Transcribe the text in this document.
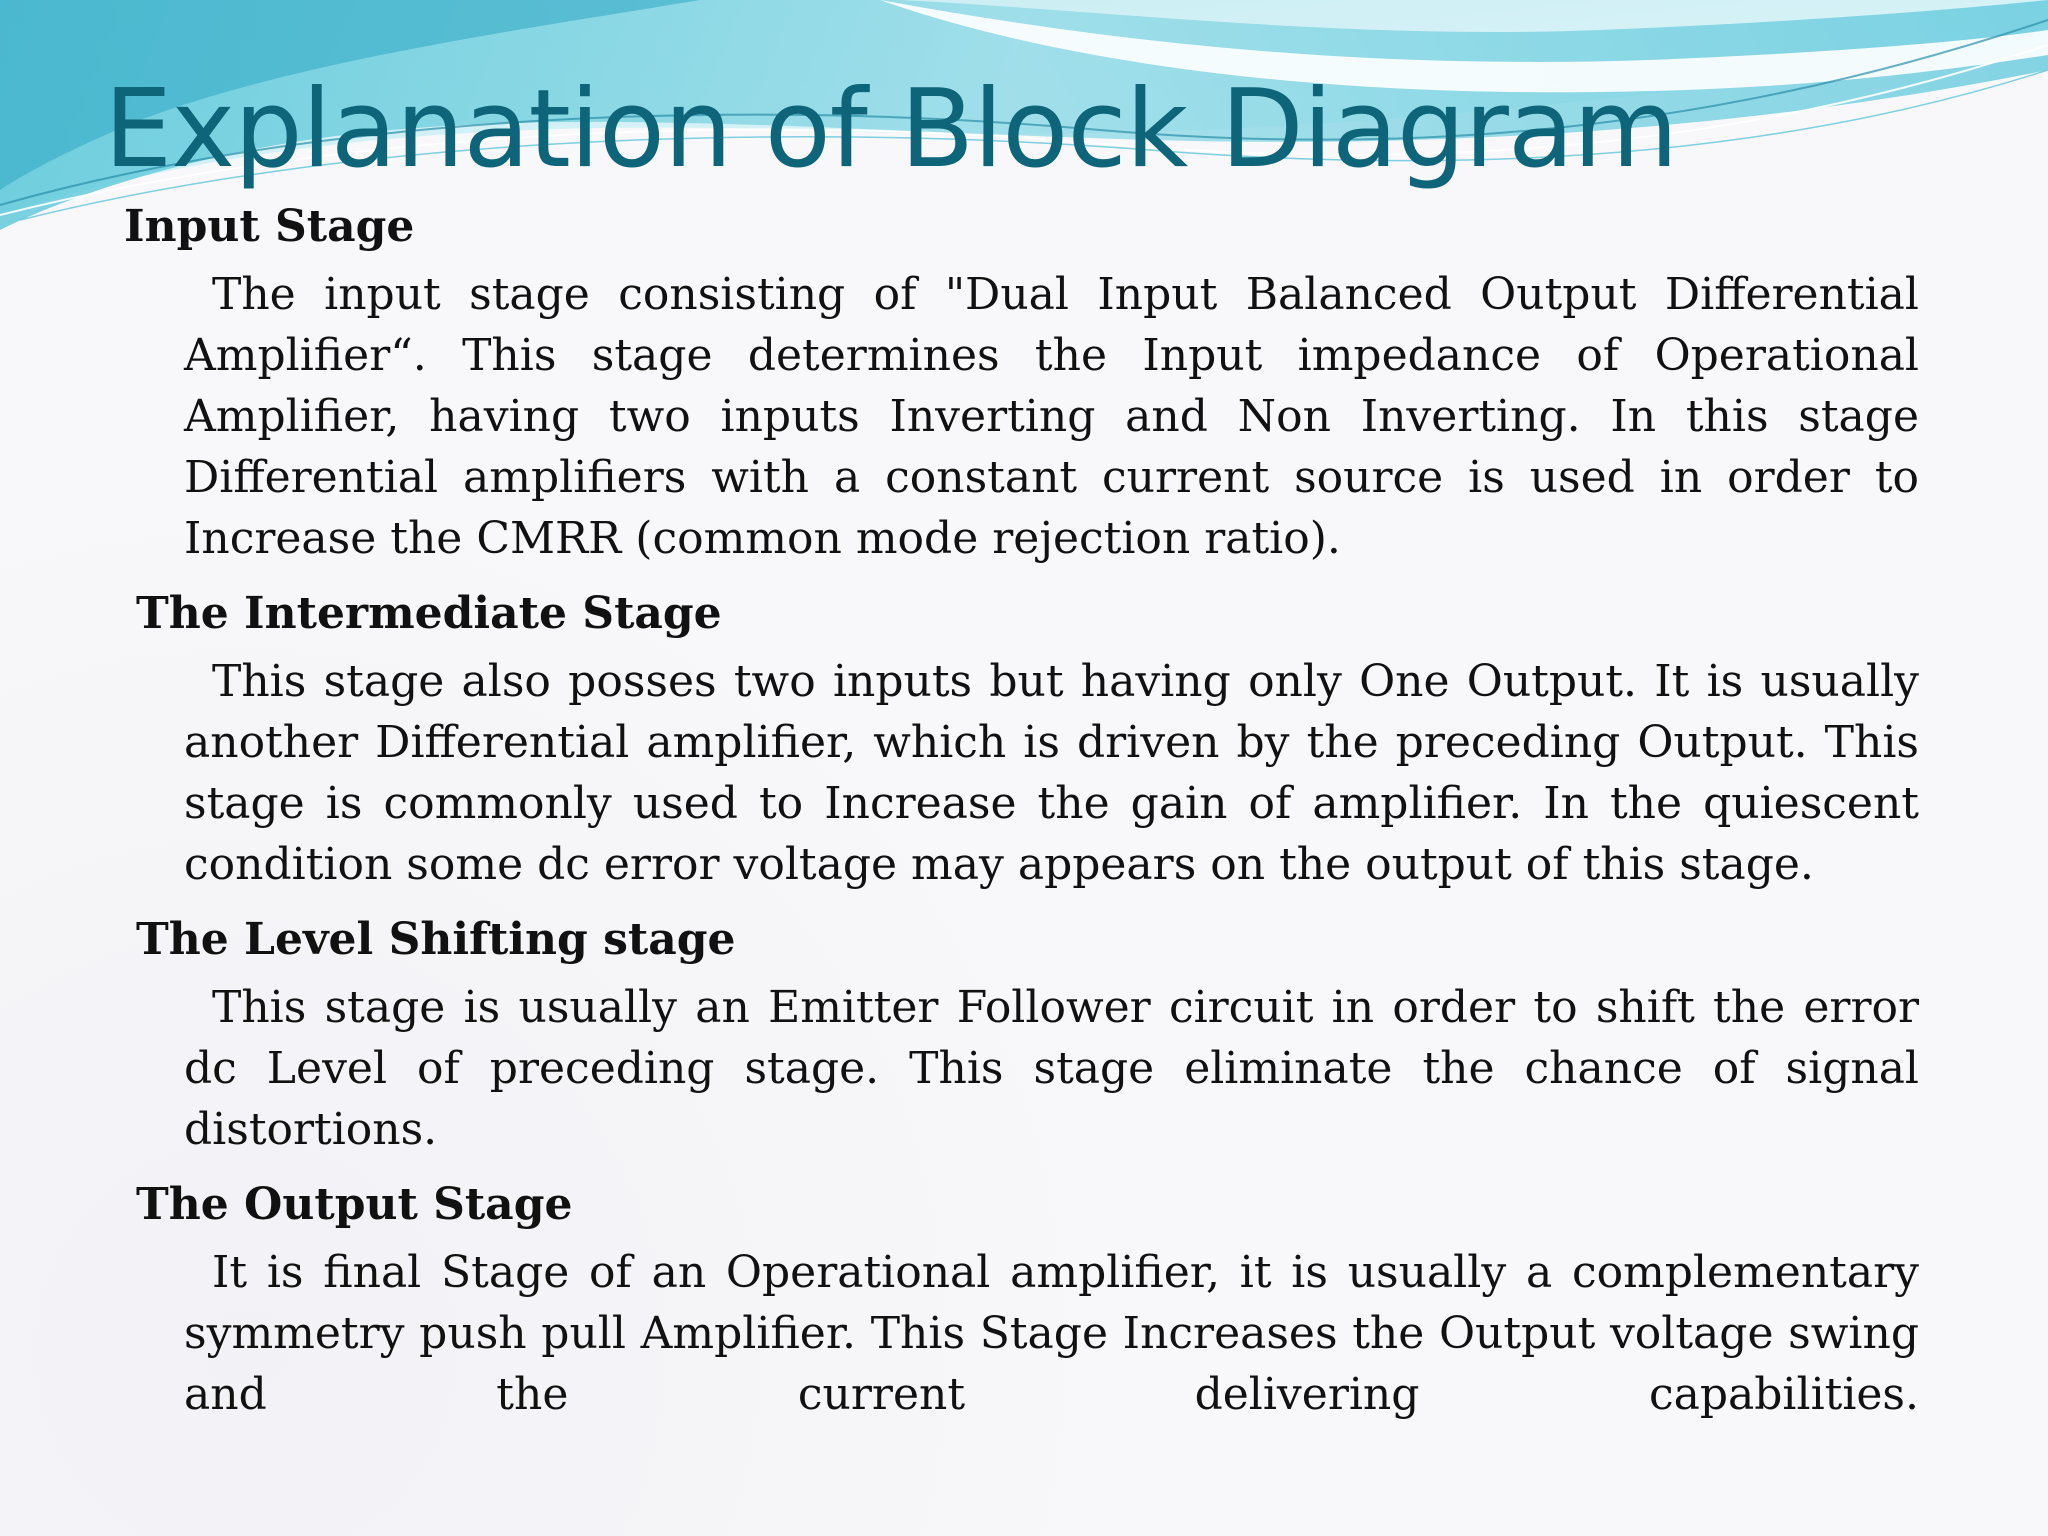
Explanation of Block Diagram
Input Stage

The input stage consisting of "Dual Input Balanced Output Differential Amplifier“. This stage determines the Input impedance of Operational Amplifier, having two inputs Inverting and Non Inverting. In this stage Differential amplifiers with a constant current source is used in order to Increase the CMRR (common mode rejection ratio).

The Intermediate Stage

This stage also posses two inputs but having only One Output. It is usually another Differential amplifier, which is driven by the preceding Output. This stage is commonly used to Increase the gain of amplifier. In the quiescent condition some dc error voltage may appears on the output of this stage.

The Level Shifting stage

This stage is usually an Emitter Follower circuit in order to shift the error dc Level of preceding stage. This stage eliminate the chance of signal distortions.

The Output Stage

It is final Stage of an Operational amplifier, it is usually a complementary symmetry push pull Amplifier. This Stage Increases the Output voltage swing and the current delivering capabilities.
